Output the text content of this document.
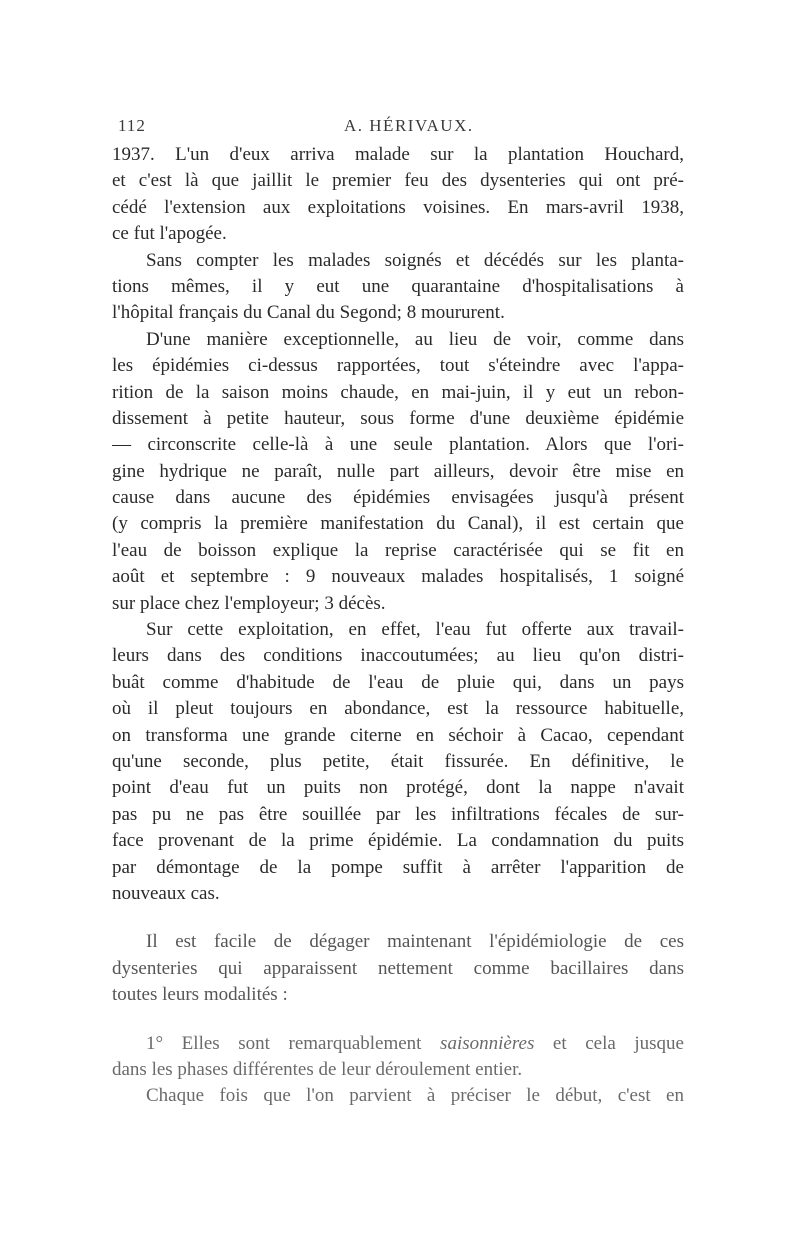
112	A. HÉRIVAUX.
1937. L'un d'eux arriva malade sur la plantation Houchard,
et c'est là que jaillit le premier feu des dysenteries qui ont pré-
cédé l'extension aux exploitations voisines. En mars-avril 1938,
ce fut l'apogée.
Sans compter les malades soignés et décédés sur les planta-
tions mêmes, il y eut une quarantaine d'hospitalisations à
l'hôpital français du Canal du Segond; 8 moururent.
D'une manière exceptionnelle, au lieu de voir, comme dans
les épidémies ci-dessus rapportées, tout s'éteindre avec l'appa-
rition de la saison moins chaude, en mai-juin, il y eut un rebon-
dissement à petite hauteur, sous forme d'une deuxième épidémie
— circonscrite celle-là à une seule plantation. Alors que l'ori-
gine hydrique ne paraît, nulle part ailleurs, devoir être mise en
cause dans aucune des épidémies envisagées jusqu'à présent
(y compris la première manifestation du Canal), il est certain que
l'eau de boisson explique la reprise caractérisée qui se fit en
août et septembre : 9 nouveaux malades hospitalisés, 1 soigné
sur place chez l'employeur; 3 décès.
Sur cette exploitation, en effet, l'eau fut offerte aux travail-
leurs dans des conditions inaccoutumées; au lieu qu'on distri-
buât comme d'habitude de l'eau de pluie qui, dans un pays
où il pleut toujours en abondance, est la ressource habituelle,
on transforma une grande citerne en séchoir à Cacao, cependant
qu'une seconde, plus petite, était fissurée. En définitive, le
point d'eau fut un puits non protégé, dont la nappe n'avait
pas pu ne pas être souillée par les infiltrations fécales de sur-
face provenant de la prime épidémie. La condamnation du puits
par démontage de la pompe suffit à arrêter l'apparition de
nouveaux cas.
Il est facile de dégager maintenant l'épidémiologie de ces
dysenteries qui apparaissent nettement comme bacillaires dans
toutes leurs modalités :
1° Elles sont remarquablement saisonnières et cela jusque
dans les phases différentes de leur déroulement entier.
Chaque fois que l'on parvient à préciser le début, c'est en
